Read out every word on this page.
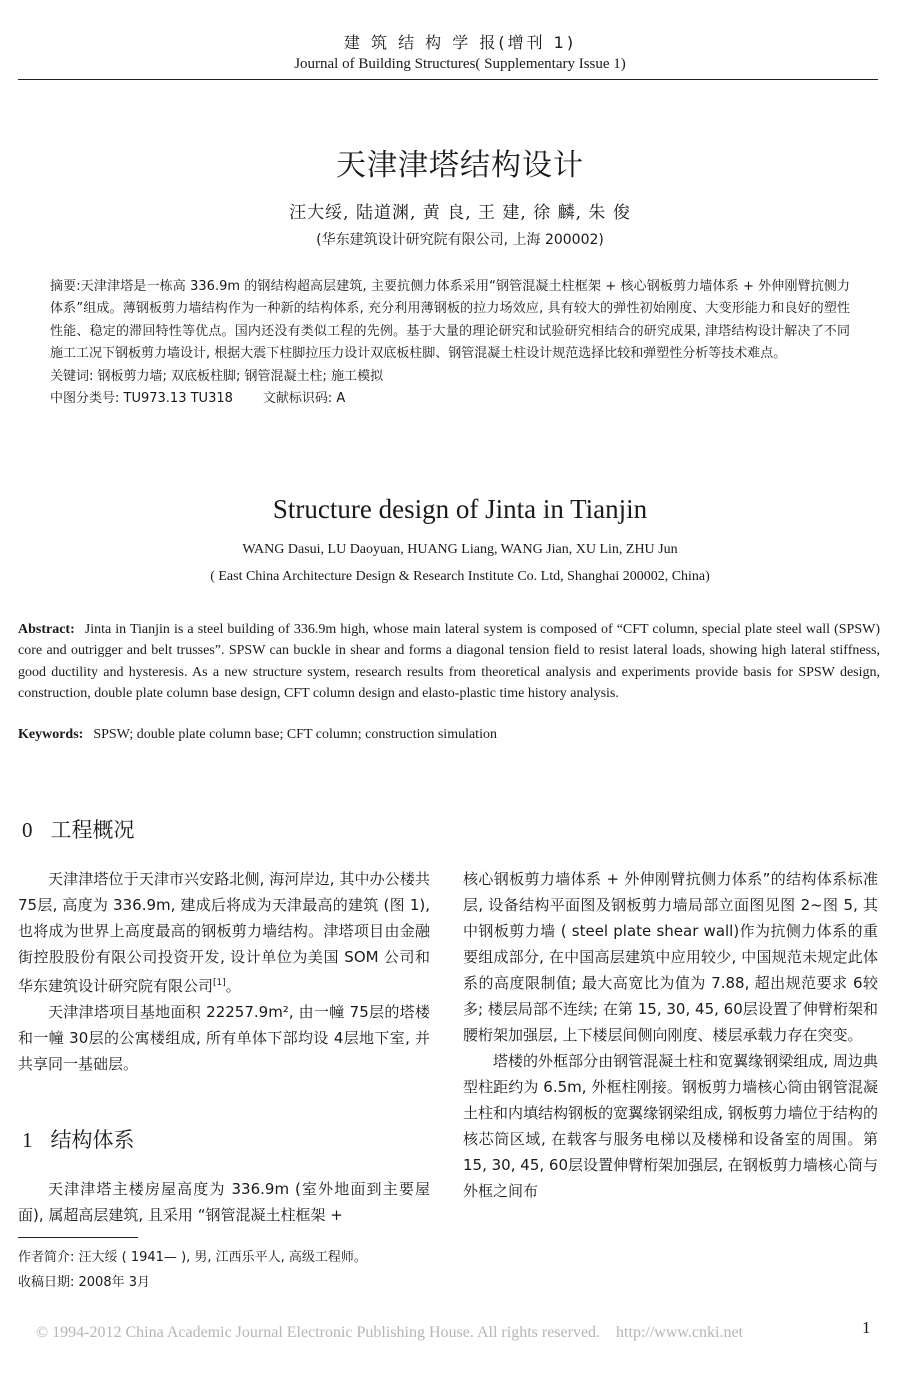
建 筑 结 构 学 报(增刊 1)
Journal of Building Structures( Supplementary Issue 1)
天津津塔结构设计
汪大绥, 陆道渊, 黄 良, 王 建, 徐 麟, 朱 俊
(华东建筑设计研究院有限公司, 上海 200002)

摘要:天津津塔是一栋高 336.9m 的钢结构超高层建筑, 主要抗侧力体系采用“钢管混凝土柱框架 + 核心钢板剪力墙体系 + 外伸刚臂抗侧力体系”组成。薄钢板剪力墙结构作为一种新的结构体系, 充分利用薄钢板的拉力场效应, 具有较大的弹性初始刚度、大变形能力和良好的塑性性能、稳定的滞回特性等优点。国内还没有类似工程的先例。基于大量的理论研究和试验研究相结合的研究成果, 津塔结构设计解决了不同施工工况下钢板剪力墙设计, 根据大震下柱脚拉压力设计双底板柱脚、钢管混凝土柱设计规范选择比较和弹塑性分析等技术难点。

关键词: 钢板剪力墙; 双底板柱脚; 钢管混凝土柱; 施工模拟

中图分类号: TU973.13 TU318 文献标识码: A

Structure design of Jinta in Tianjin
WANG Dasui, LU Daoyuan, HUANG Liang, WANG Jian, XU Lin, ZHU Jun
( East China Architecture Design & Research Institute Co. Ltd, Shanghai 200002, China)

Abstract: Jinta in Tianjin is a steel building of 336.9m high, whose main lateral system is composed of “CFT column, special plate steel wall (SPSW) core and outrigger and belt trusses”. SPSW can buckle in shear and forms a diagonal tension field to resist lateral loads, showing high lateral stiffness, good ductility and hysteresis. As a new structure system, research results from theoretical analysis and experiments provide basis for SPSW design, construction, double plate column base design, CFT column design and elasto-plastic time history analysis.

Keywords: SPSW; double plate column base; CFT column; construction simulation
0 工程概况

天津津塔位于天津市兴安路北侧, 海河岸边, 其中办公楼共 75层, 高度为 336.9m, 建成后将成为天津最高的建筑 (图 1), 也将成为世界上高度最高的钢板剪力墙结构。津塔项目由金融街控股股份有限公司投资开发, 设计单位为美国 SOM 公司和华东建筑设计研究院有限公司[1]。

天津津塔项目基地面积 22257.9m², 由一幢 75层的塔楼和一幢 30层的公寓楼组成, 所有单体下部均设 4层地下室, 并共享同一基础层。

1 结构体系

天津津塔主楼房屋高度为 336.9m (室外地面到主要屋面), 属超高层建筑, 且采用 “钢管混凝土柱框架 +

核心钢板剪力墙体系 + 外伸刚臂抗侧力体系”的结构体系标准层, 设备结构平面图及钢板剪力墙局部立面图见图 2~图 5, 其中钢板剪力墙 ( steel plate shear wall)作为抗侧力体系的重要组成部分, 在中国高层建筑中应用较少, 中国规范未规定此体系的高度限制值; 最大高宽比为值为 7.88, 超出规范要求 6较多; 楼层局部不连续; 在第 15, 30, 45, 60层设置了伸臂桁架和腰桁架加强层, 上下楼层间侧向刚度、楼层承载力存在突变。

塔楼的外框部分由钢管混凝土柱和宽翼缘钢梁组成, 周边典型柱距约为 6.5m, 外框柱刚接。钢板剪力墙核心筒由钢管混凝土柱和内填结构钢板的宽翼缘钢梁组成, 钢板剪力墙位于结构的核芯筒区域, 在载客与服务电梯以及楼梯和设备室的周围。第 15, 30, 45, 60层设置伸臂桁架加强层, 在钢板剪力墙核心筒与外框之间布

作者简介: 汪大绥 ( 1941— ), 男, 江西乐平人, 高级工程师。
收稿日期: 2008年 3月
© 1994-2012 China Academic Journal Electronic Publishing House. All rights reserved.    http://www.cnki.net	1
